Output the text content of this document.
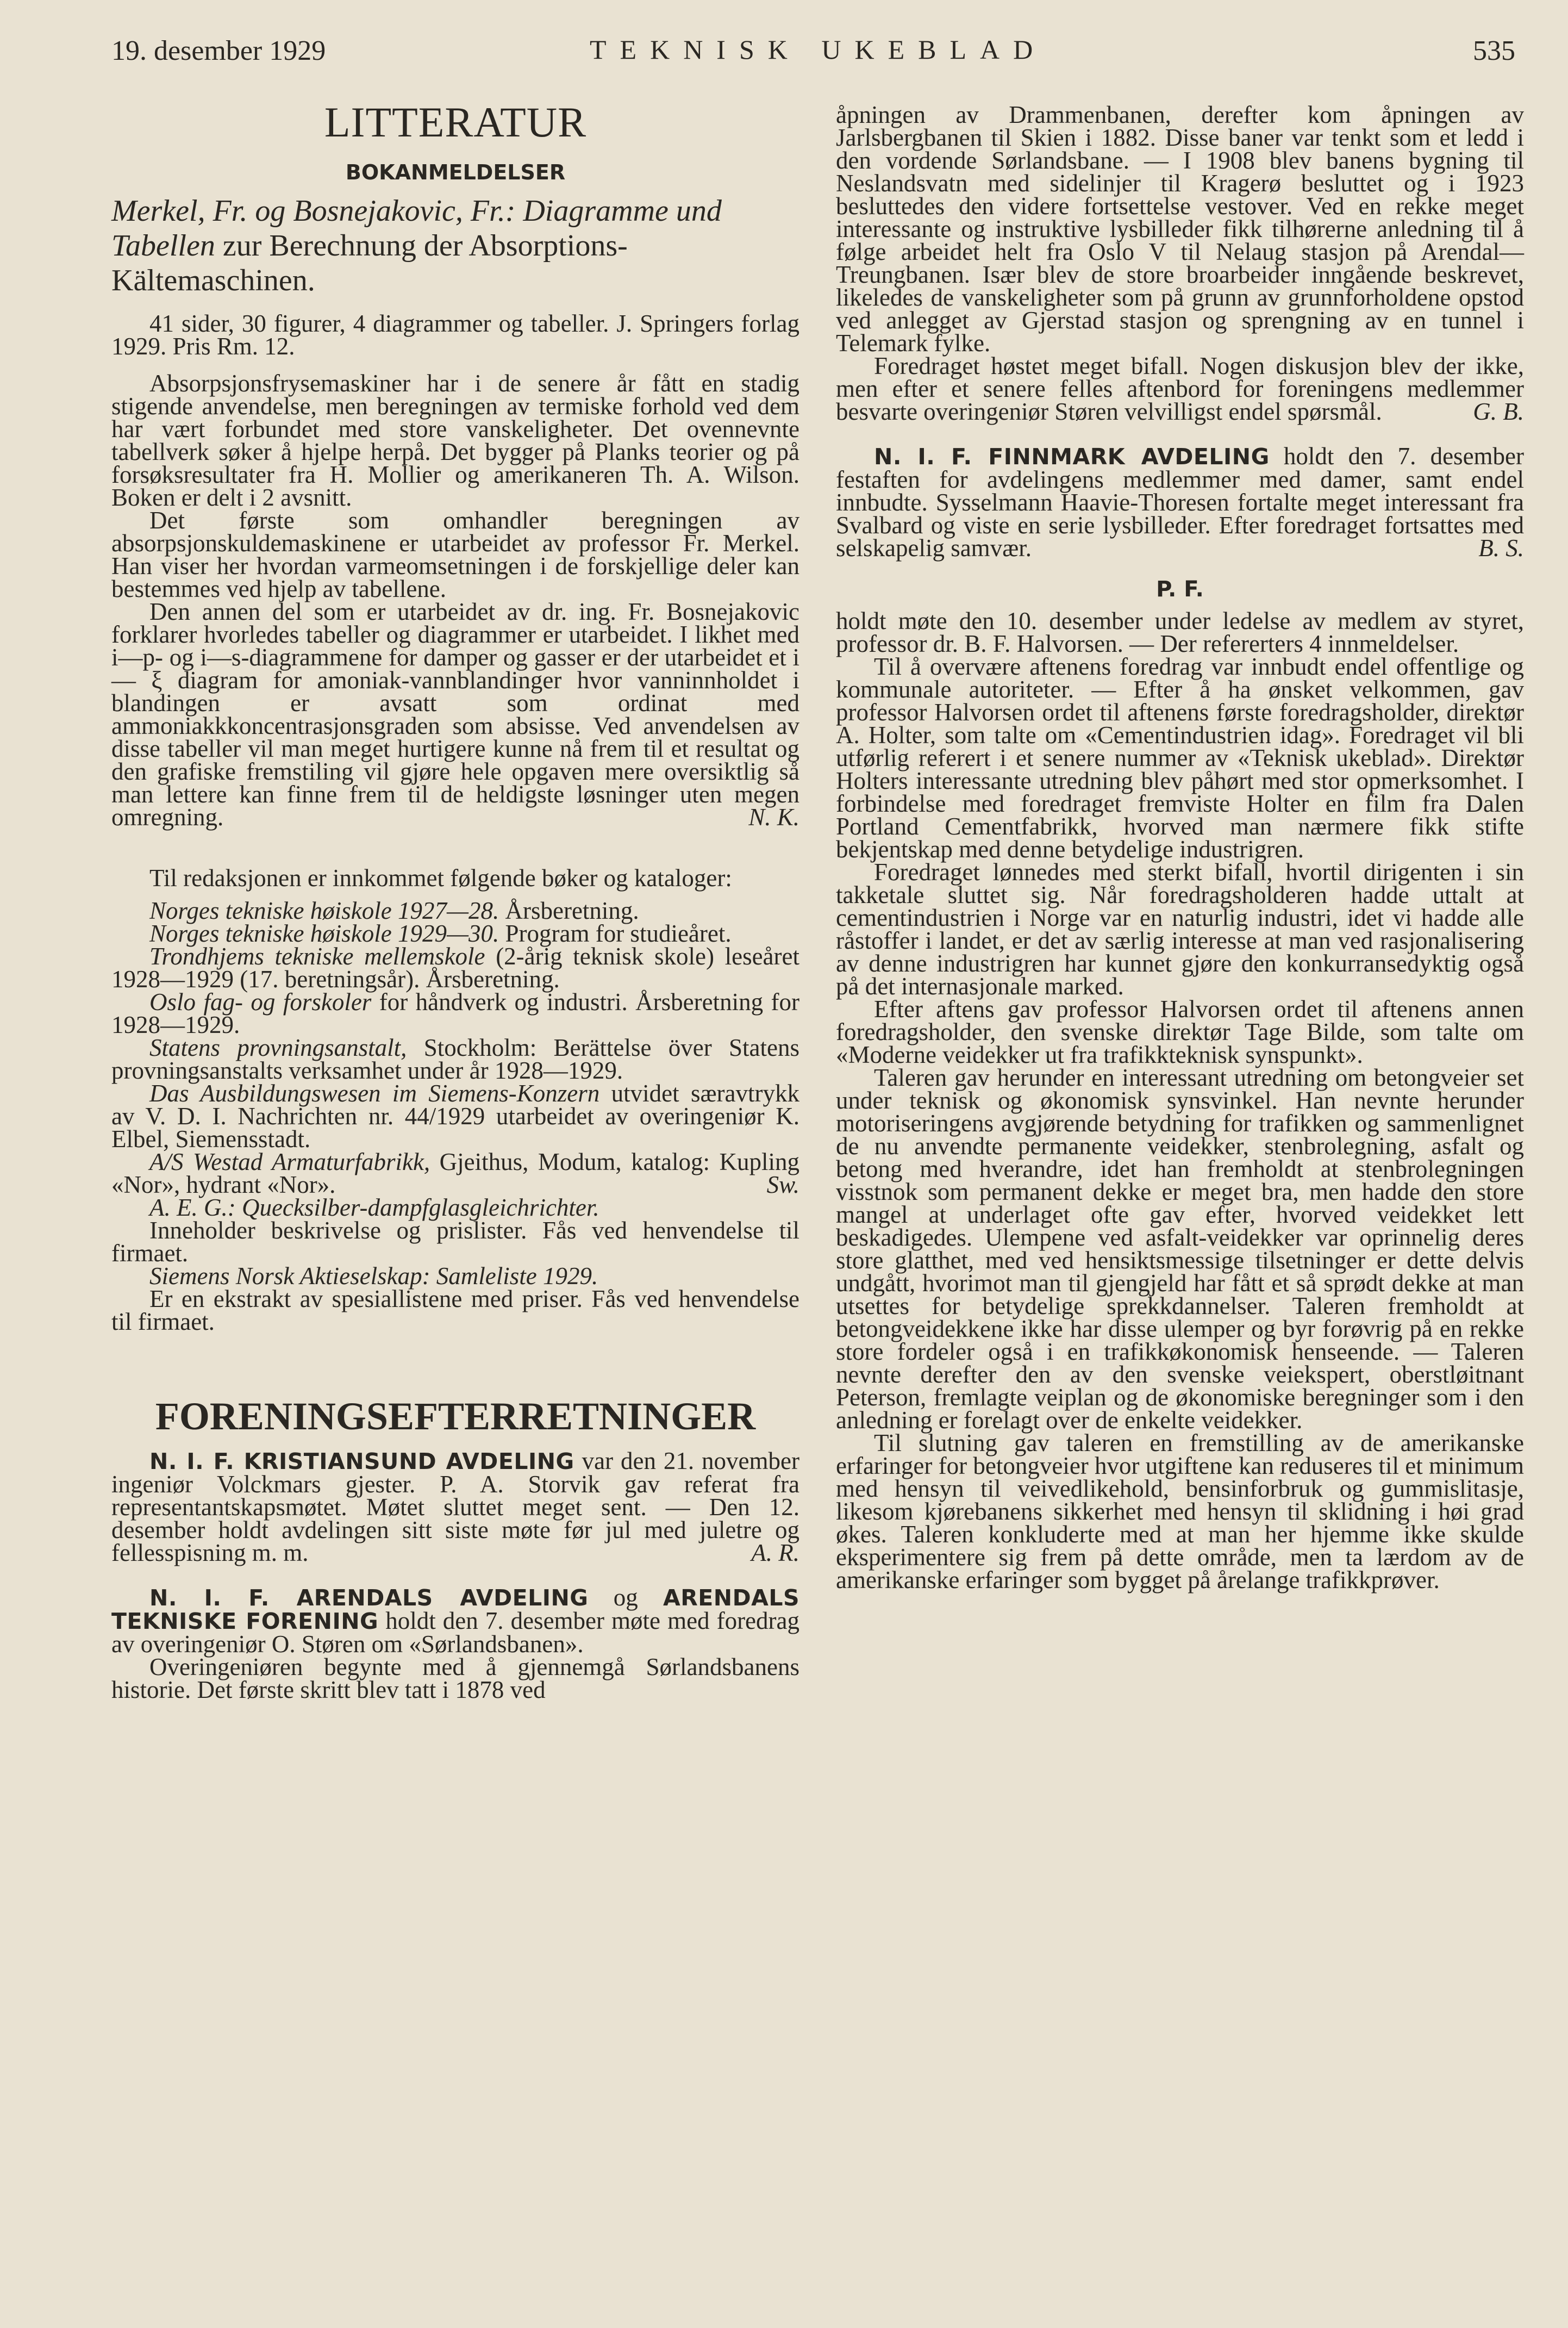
19. desember 1929	TEKNISK UKEBLAD	535
LITTERATUR
BOKANMELDELSER

Merkel, Fr. og Bosnejakovic, Fr.: Diagramme und Tabellen zur Berechnung der Absorptions-Kältemaschinen.

41 sider, 30 figurer, 4 diagrammer og tabeller. J. Springers forlag 1929. Pris Rm. 12.

Absorpsjonsfrysemaskiner har i de senere år fått en stadig stigende anvendelse, men beregningen av termiske forhold ved dem har vært forbundet med store vanskeligheter. Det ovennevnte tabellverk søker å hjelpe herpå. Det bygger på Planks teorier og på forsøksresultater fra H. Mollier og amerikaneren Th. A. Wilson. Boken er delt i 2 avsnitt.

Det første som omhandler beregningen av absorpsjonskuldemaskinene er utarbeidet av professor Fr. Merkel. Han viser her hvordan varmeomsetningen i de forskjellige deler kan bestemmes ved hjelp av tabellene.

Den annen del som er utarbeidet av dr. ing. Fr. Bosnejakovic forklarer hvorledes tabeller og diagrammer er utarbeidet. I likhet med i—p- og i—s-diagrammene for damper og gasser er der utarbeidet et i— ξ diagram for amoniak-vannblandinger hvor vanninnholdet i blandingen er avsatt som ordinat med ammoniakkkoncentrasjonsgraden som absisse. Ved anvendelsen av disse tabeller vil man meget hurtigere kunne nå frem til et resultat og den grafiske fremstiling vil gjøre hele opgaven mere oversiktlig så man lettere kan finne frem til de heldigste løsninger uten megen omregning.	N. K.

Til redaksjonen er innkommet følgende bøker og kataloger:

Norges tekniske høiskole 1927—28. Årsberetning.

Norges tekniske høiskole 1929—30. Program for studieåret.

Trondhjems tekniske mellemskole (2-årig teknisk skole) leseåret 1928—1929 (17. beretningsår). Årsberetning.

Oslo fag- og forskoler for håndverk og industri. Årsberetning for 1928—1929.

Statens provningsanstalt, Stockholm: Berättelse över Statens provningsanstalts verksamhet under år 1928—1929.

Das Ausbildungswesen im Siemens-Konzern utvidet særavtrykk av V. D. I. Nachrichten nr. 44/1929 utarbeidet av overingeniør K. Elbel, Siemensstadt.

A/S Westad Armaturfabrikk, Gjeithus, Modum, katalog: Kupling «Nor», hydrant «Nor».	Sw.

A. E. G.: Quecksilber-dampfglasgleichrichter.

Inneholder beskrivelse og prislister. Fås ved henvendelse til firmaet.

Siemens Norsk Aktieselskap: Samleliste 1929.

Er en ekstrakt av spesiallistene med priser. Fås ved henvendelse til firmaet.

FORENINGSEFTERRETNINGER

N. I. F. KRISTIANSUND AVDELING var den 21. november ingeniør Volckmars gjester. P. A. Storvik gav referat fra representantskapsmøtet. Møtet sluttet meget sent. — Den 12. desember holdt avdelingen sitt siste møte før jul med juletre og fellesspisning m. m.	A. R.

N. I. F. ARENDALS AVDELING og ARENDALS TEKNISKE FORENING holdt den 7. desember møte med foredrag av overingeniør O. Støren om «Sørlandsbanen».

Overingeniøren begynte med å gjennemgå Sørlandsbanens historie. Det første skritt blev tatt i 1878 ved

åpningen av Drammenbanen, derefter kom åpningen av Jarlsbergbanen til Skien i 1882. Disse baner var tenkt som et ledd i den vordende Sørlandsbane. — I 1908 blev banens bygning til Neslandsvatn med sidelinjer til Kragerø besluttet og i 1923 besluttedes den videre fortsettelse vestover. Ved en rekke meget interessante og instruktive lysbilleder fikk tilhørerne anledning til å følge arbeidet helt fra Oslo V til Nelaug stasjon på Arendal—Treungbanen. Især blev de store broarbeider inngående beskrevet, likeledes de vanskeligheter som på grunn av grunnforholdene opstod ved anlegget av Gjerstad stasjon og sprengning av en tunnel i Telemark fylke.

Foredraget høstet meget bifall. Nogen diskusjon blev der ikke, men efter et senere felles aftenbord for foreningens medlemmer besvarte overingeniør Støren velvilligst endel spørsmål.	G. B.

N. I. F. FINNMARK AVDELING holdt den 7. desember festaften for avdelingens medlemmer med damer, samt endel innbudte. Sysselmann Haavie-Thoresen fortalte meget interessant fra Svalbard og viste en serie lysbilleder. Efter foredraget fortsattes med selskapelig samvær.	B. S.

P. F.

holdt møte den 10. desember under ledelse av medlem av styret, professor dr. B. F. Halvorsen. — Der refererters 4 innmeldelser.

Til å overvære aftenens foredrag var innbudt endel offentlige og kommunale autoriteter. — Efter å ha ønsket velkommen, gav professor Halvorsen ordet til aftenens første foredragsholder, direktør A. Holter, som talte om «Cementindustrien idag». Foredraget vil bli utførlig referert i et senere nummer av «Teknisk ukeblad». Direktør Holters interessante utredning blev påhørt med stor opmerksomhet. I forbindelse med foredraget fremviste Holter en film fra Dalen Portland Cementfabrikk, hvorved man nærmere fikk stifte bekjentskap med denne betydelige industrigren.

Foredraget lønnedes med sterkt bifall, hvortil dirigenten i sin takketale sluttet sig. Når foredragsholderen hadde uttalt at cementindustrien i Norge var en naturlig industri, idet vi hadde alle råstoffer i landet, er det av særlig interesse at man ved rasjonalisering av denne industrigren har kunnet gjøre den konkurransedyktig også på det internasjonale marked.

Efter aftens gav professor Halvorsen ordet til aftenens annen foredragsholder, den svenske direktør Tage Bilde, som talte om «Moderne veidekker ut fra trafikkteknisk synspunkt».

Taleren gav herunder en interessant utredning om betongveier set under teknisk og økonomisk synsvinkel. Han nevnte herunder motoriseringens avgjørende betydning for trafikken og sammenlignet de nu anvendte permanente veidekker, stenbrolegning, asfalt og betong med hverandre, idet han fremholdt at stenbrolegningen visstnok som permanent dekke er meget bra, men hadde den store mangel at underlaget ofte gav efter, hvorved veidekket lett beskadigedes. Ulempene ved asfalt-veidekker var oprinnelig deres store glatthet, med ved hensiktsmessige tilsetninger er dette delvis undgått, hvorimot man til gjengjeld har fått et så sprødt dekke at man utsettes for betydelige sprekkdannelser. Taleren fremholdt at betongveidekkene ikke har disse ulemper og byr forøvrig på en rekke store fordeler også i en trafikkøkonomisk henseende. — Taleren nevnte derefter den av den svenske veiekspert, oberstløitnant Peterson, fremlagte veiplan og de økonomiske beregninger som i den anledning er forelagt over de enkelte veidekker.

Til slutning gav taleren en fremstilling av de amerikanske erfaringer for betongveier hvor utgiftene kan reduseres til et minimum med hensyn til veivedlikehold, bensinforbruk og gummislitasje, likesom kjørebanens sikkerhet med hensyn til sklidning i høi grad økes. Taleren konkluderte med at man her hjemme ikke skulde eksperimentere sig frem på dette område, men ta lærdom av de amerikanske erfaringer som bygget på årelange trafikkprøver.
